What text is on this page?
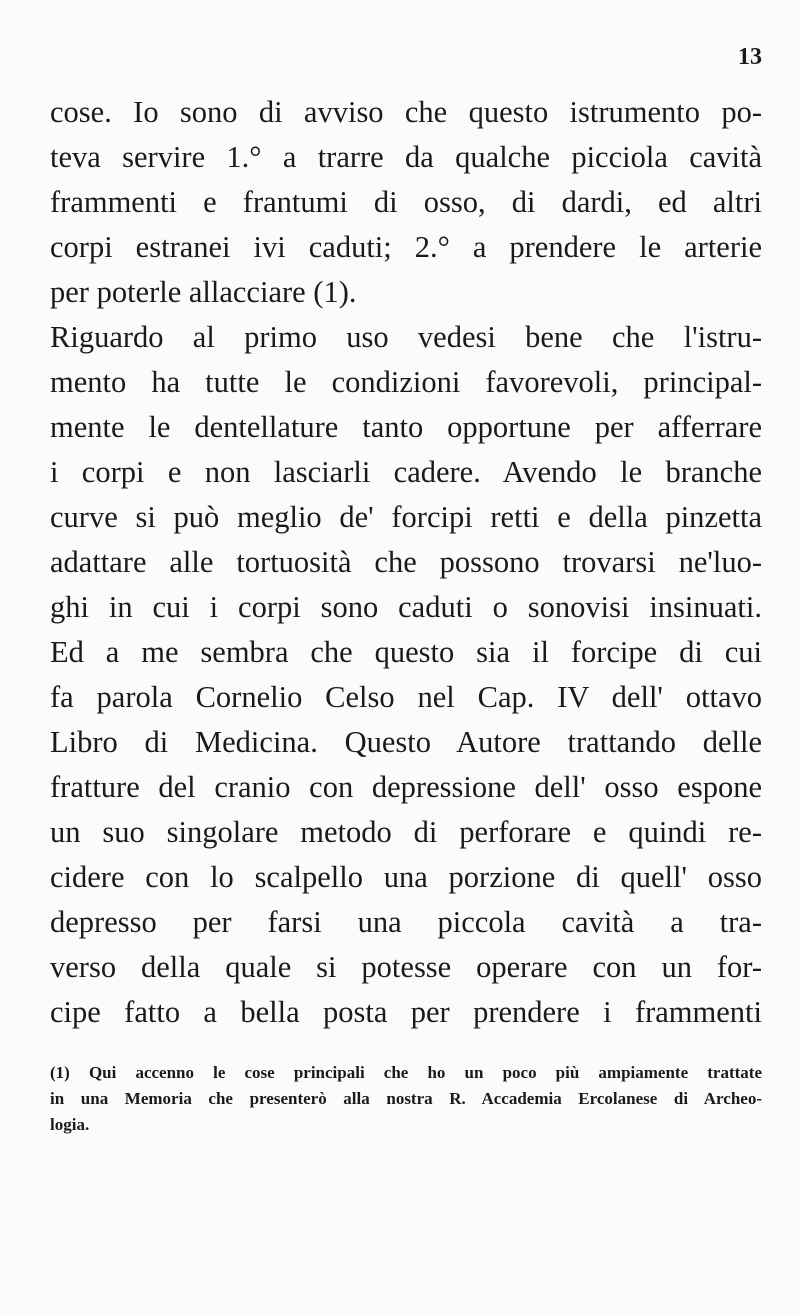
13
cose. Io sono di avviso che questo istrumento po-
teva servire 1.° a trarre da qualche picciola cavità
frammenti e frantumi di osso, di dardi, ed altri
corpi estranei ivi caduti; 2.° a prendere le arterie
per poterle allacciare (1).
Riguardo al primo uso vedesi bene che l'istru-
mento ha tutte le condizioni favorevoli, principal-
mente le dentellature tanto opportune per afferrare
i corpi e non lasciarli cadere. Avendo le branche
curve si può meglio de' forcipi retti e della pinzetta
adattare alle tortuosità che possono trovarsi ne'luo-
ghi in cui i corpi sono caduti o sonovisi insinuati.
Ed a me sembra che questo sia il forcipe di cui
fa parola Cornelio Celso nel Cap. IV dell' ottavo
Libro di Medicina. Questo Autore trattando delle
fratture del cranio con depressione dell' osso espone
un suo singolare metodo di perforare e quindi re-
cidere con lo scalpello una porzione di quell' osso
depresso per farsi una piccola cavità a tra-
verso della quale si potesse operare con un for-
cipe fatto a bella posta per prendere i frammenti
(1) Qui accenno le cose principali che ho un poco più ampiamente trattate
in una Memoria che presenterò alla nostra R. Accademia Ercolanese di Archeo-
logia.
